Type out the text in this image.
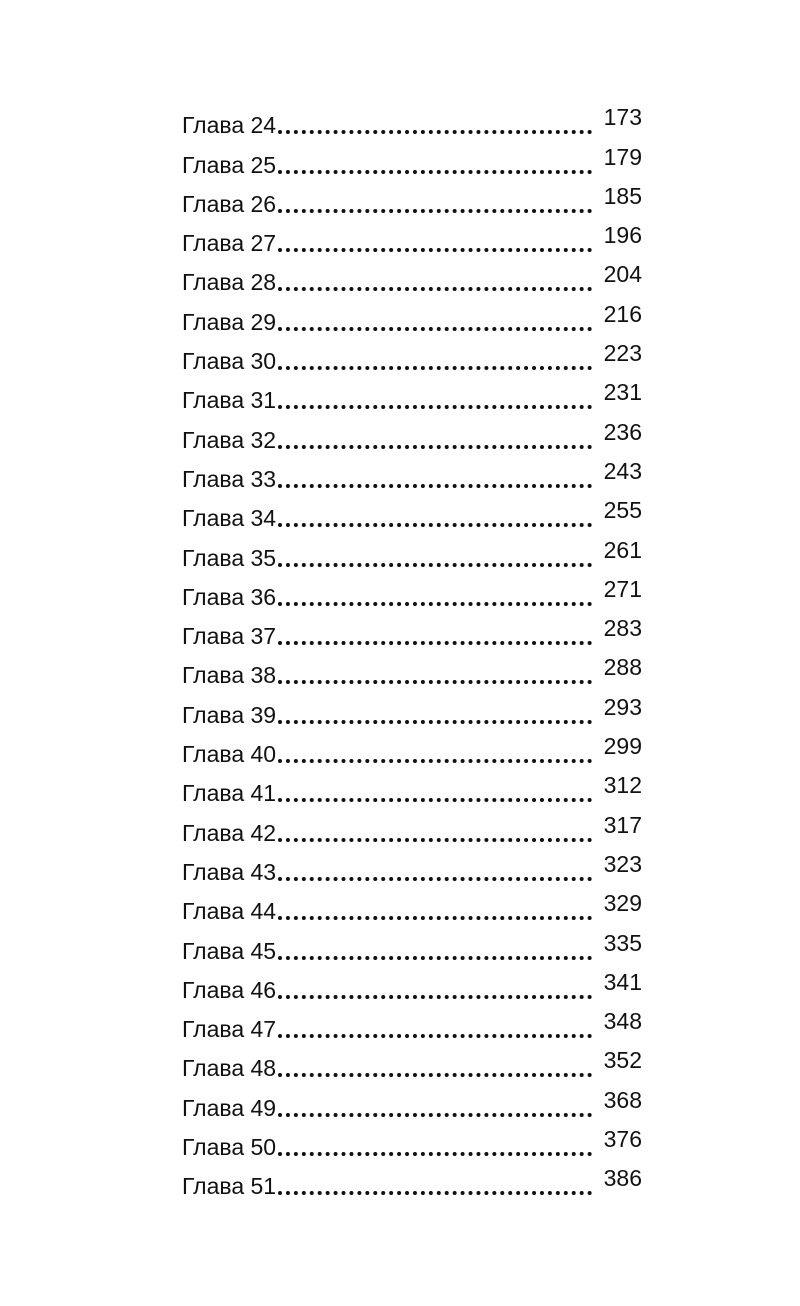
Глава 24	173
Глава 25	179
Глава 26	185
Глава 27	196
Глава 28	204
Глава 29	216
Глава 30	223
Глава 31	231
Глава 32	236
Глава 33	243
Глава 34	255
Глава 35	261
Глава 36	271
Глава 37	283
Глава 38	288
Глава 39	293
Глава 40	299
Глава 41	312
Глава 42	317
Глава 43	323
Глава 44	329
Глава 45	335
Глава 46	341
Глава 47	348
Глава 48	352
Глава 49	368
Глава 50	376
Глава 51	386
